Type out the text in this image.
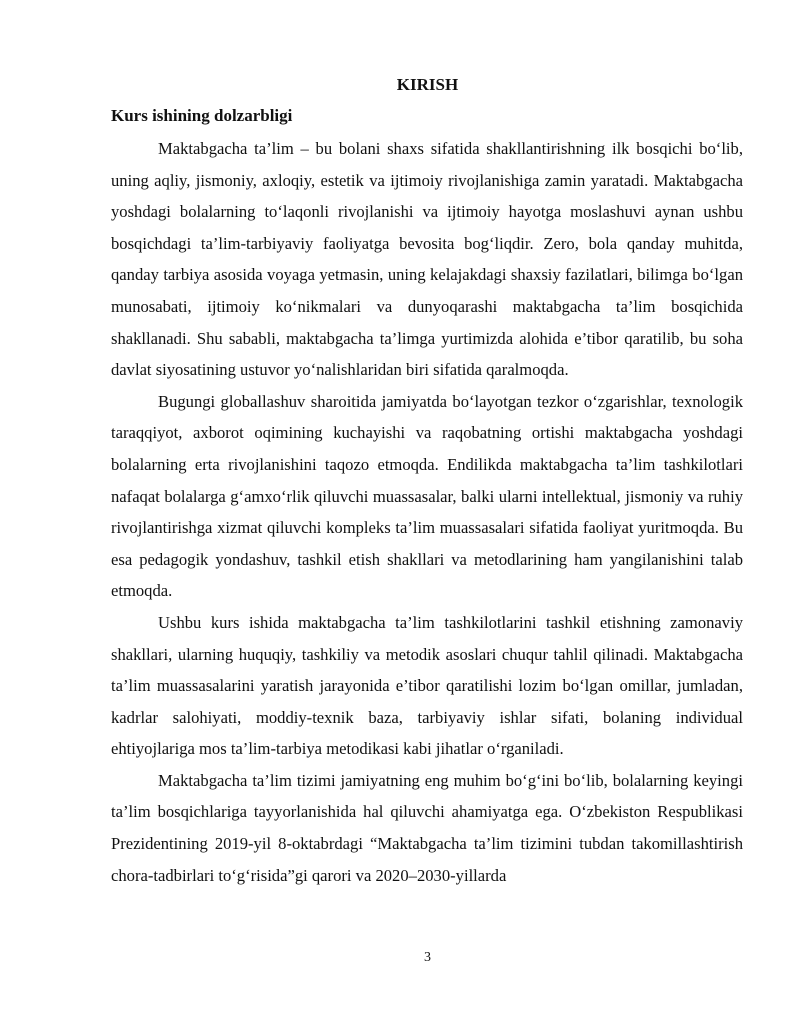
KIRISH
Kurs ishining dolzarbligi

Maktabgacha ta’lim – bu bolani shaxs sifatida shakllantirishning ilk bosqichi bo‘lib, uning aqliy, jismoniy, axloqiy, estetik va ijtimoiy rivojlanishiga zamin yaratadi. Maktabgacha yoshdagi bolalarning to‘laqonli rivojlanishi va ijtimoiy hayotga moslashuvi aynan ushbu bosqichdagi ta’lim-tarbiyaviy faoliyatga bevosita bog‘liqdir. Zero, bola qanday muhitda, qanday tarbiya asosida voyaga yetmasin, uning kelajakdagi shaxsiy fazilatlari, bilimga bo‘lgan munosabati, ijtimoiy ko‘nikmalari va dunyoqarashi maktabgacha ta’lim bosqichida shakllanadi. Shu sababli, maktabgacha ta’limga yurtimizda alohida e’tibor qaratilib, bu soha davlat siyosatining ustuvor yo‘nalishlaridan biri sifatida qaralmoqda.

Bugungi globallashuv sharoitida jamiyatda bo‘layotgan tezkor o‘zgarishlar, texnologik taraqqiyot, axborot oqimining kuchayishi va raqobatning ortishi maktabgacha yoshdagi bolalarning erta rivojlanishini taqozo etmoqda. Endilikda maktabgacha ta’lim tashkilotlari nafaqat bolalarga g‘amxo‘rlik qiluvchi muassasalar, balki ularni intellektual, jismoniy va ruhiy rivojlantirishga xizmat qiluvchi kompleks ta’lim muassasalari sifatida faoliyat yuritmoqda. Bu esa pedagogik yondashuv, tashkil etish shakllari va metodlarining ham yangilanishini talab etmoqda.

Ushbu kurs ishida maktabgacha ta’lim tashkilotlarini tashkil etishning zamonaviy shakllari, ularning huquqiy, tashkiliy va metodik asoslari chuqur tahlil qilinadi. Maktabgacha ta’lim muassasalarini yaratish jarayonida e’tibor qaratilishi lozim bo‘lgan omillar, jumladan, kadrlar salohiyati, moddiy-texnik baza, tarbiyaviy ishlar sifati, bolaning individual ehtiyojlariga mos ta’lim-tarbiya metodikasi kabi jihatlar o‘rganiladi.

Maktabgacha ta’lim tizimi jamiyatning eng muhim bo‘g‘ini bo‘lib, bolalarning keyingi ta’lim bosqichlariga tayyorlanishida hal qiluvchi ahamiyatga ega. O‘zbekiston Respublikasi Prezidentining 2019-yil 8-oktabrdagi “Maktabgacha ta’lim tizimini tubdan takomillashtirish chora-tadbirlari to‘g‘risida”gi qarori va 2020–2030-yillarda

3
